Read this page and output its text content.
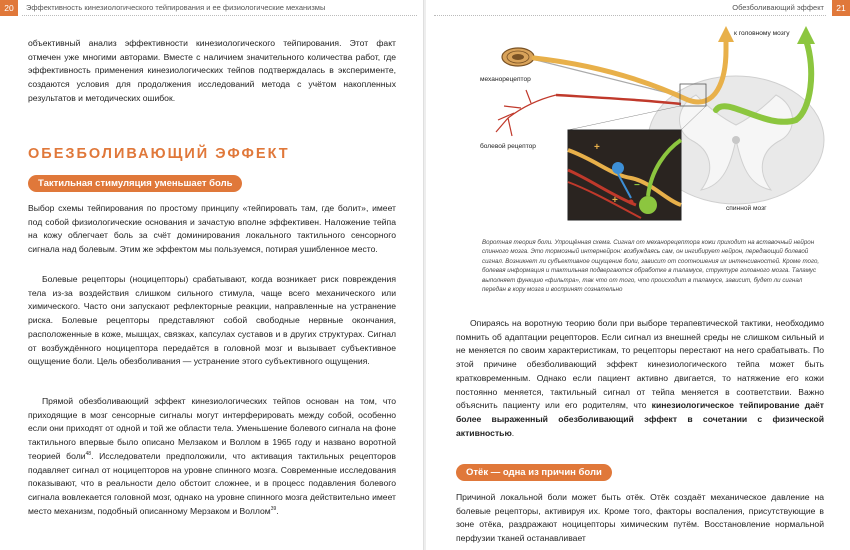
20	Эффективность кинезиологического тейпирования и ее физиологические механизмы

объективный анализ эффективности кинезиологического тейпирования. Этот факт отмечен уже многими авторами. Вместе с наличием значительного количества работ, где эффективность применения кинезиологических тейпов подтверждалась в эксперименте, создаются условия для продолжения исследований метода с учётом накопленных результатов и методических ошибок.

ОБЕЗБОЛИВАЮЩИЙ ЭФФЕКТ
Тактильная стимуляция уменьшает боль

Выбор схемы тейпирования по простому принципу «тейпировать там, где болит», имеет под собой физиологические основания и зачастую вполне эффективен. Наложение тейпа на кожу облегчает боль за счёт доминирования локального тактильного сенсорного сигнала над болевым. Этим же эффектом мы пользуемся, потирая ушибленное место.

Болевые рецепторы (ноцицепторы) срабатывают, когда возникает риск повреждения тела из-за воздействия слишком сильного стимула, чаще всего механического или химического. Часто они запускают рефлекторные реакции, направленные на устранение риска. Болевые рецепторы представляют собой свободные нервные окончания, расположенные в коже, мышцах, связках, капсулах суставов и в других структурах. Сигнал от возбуждённого ноцицептора передаётся в головной мозг и вызывает субъективное ощущение боли. Цель обезболивания — устранение этого субъективного ощущения.

Прямой обезболивающий эффект кинезиологических тейпов основан на том, что приходящие в мозг сенсорные сигналы могут интерферировать между собой, особенно если они приходят от одной и той же области тела. Уменьшение болевого сигнала на фоне тактильного впервые было описано Мелзаком и Воллом в 1965 году и названо воротной теорией боли$^{48}$. Исследователи предположили, что активация тактильных рецепторов подавляет сигнал от ноцицепторов на уровне спинного мозга. Современные исследования показывают, что в реальности дело обстоит сложнее, и в процесс подавления болевого сигнала вовлекается головной мозг, однако на уровне спинного мозга действительно имеет место механизм, подобный описанному Мерзаком и Воллом$^{39}$.

Обезболивающий эффект	21
+
−
+
к головному мозгу
механорецептор
болевой рецептор
спинной мозг

Воротная теория боли. Упрощённая схема. Сигнал от механорецептора кожи приходит на вставочный нейрон спинного мозга. Это тормозный интернейрон: возбуждаясь сам, он ингибирует нейрон, передающий болевой сигнал. Возникнет ли субъективное ощущение боли, зависит от соотношения их интенсивностей. Кроме того, болевая информация и тактильная подвергаются обработке в таламусе, структуре головного мозга. Таламус выполняет функцию «фильтра», так что от того, что происходит в таламусе, зависит, будет ли сигнал передан в кору мозга и воспринят сознательно

Опираясь на воротную теорию боли при выборе терапевтической тактики, необходимо помнить об адаптации рецепторов. Если сигнал из внешней среды не слишком сильный и не меняется по своим характеристикам, то рецепторы перестают на него срабатывать. По этой причине обезболивающий эффект кинезиологического тейпа может быть кратковременным. Однако если пациент активно двигается, то натяжение его кожи постоянно меняется, тактильный сигнал от тейпа меняется в соответствии. Важно объяснить пациенту или его родителям, что кинезиологическое тейпирование даёт более выраженный обезболивающий эффект в сочетании с физической активностью.

Отёк — одна из причин боли

Причиной локальной боли может быть отёк. Отёк создаёт механическое давление на болевые рецепторы, активируя их. Кроме того, факторы воспаления, присутствующие в зоне отёка, раздражают ноцицепторы химическим путём. Восстановление нормальной перфузии тканей останавливает
